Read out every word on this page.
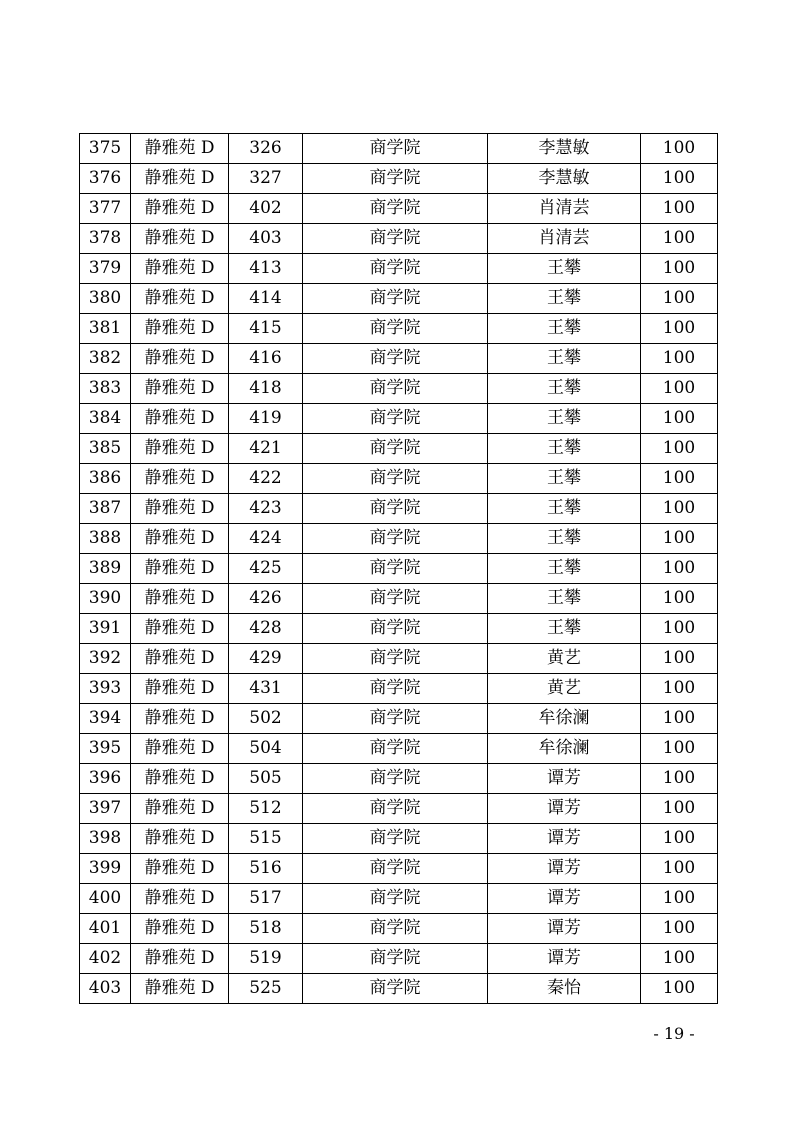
375	静雅苑 D	326	商学院	李慧敏	100
376	静雅苑 D	327	商学院	李慧敏	100
377	静雅苑 D	402	商学院	肖清芸	100
378	静雅苑 D	403	商学院	肖清芸	100
379	静雅苑 D	413	商学院	王攀	100
380	静雅苑 D	414	商学院	王攀	100
381	静雅苑 D	415	商学院	王攀	100
382	静雅苑 D	416	商学院	王攀	100
383	静雅苑 D	418	商学院	王攀	100
384	静雅苑 D	419	商学院	王攀	100
385	静雅苑 D	421	商学院	王攀	100
386	静雅苑 D	422	商学院	王攀	100
387	静雅苑 D	423	商学院	王攀	100
388	静雅苑 D	424	商学院	王攀	100
389	静雅苑 D	425	商学院	王攀	100
390	静雅苑 D	426	商学院	王攀	100
391	静雅苑 D	428	商学院	王攀	100
392	静雅苑 D	429	商学院	黄艺	100
393	静雅苑 D	431	商学院	黄艺	100
394	静雅苑 D	502	商学院	牟徐澜	100
395	静雅苑 D	504	商学院	牟徐澜	100
396	静雅苑 D	505	商学院	谭芳	100
397	静雅苑 D	512	商学院	谭芳	100
398	静雅苑 D	515	商学院	谭芳	100
399	静雅苑 D	516	商学院	谭芳	100
400	静雅苑 D	517	商学院	谭芳	100
401	静雅苑 D	518	商学院	谭芳	100
402	静雅苑 D	519	商学院	谭芳	100
403	静雅苑 D	525	商学院	秦怡	100
- 19 -
